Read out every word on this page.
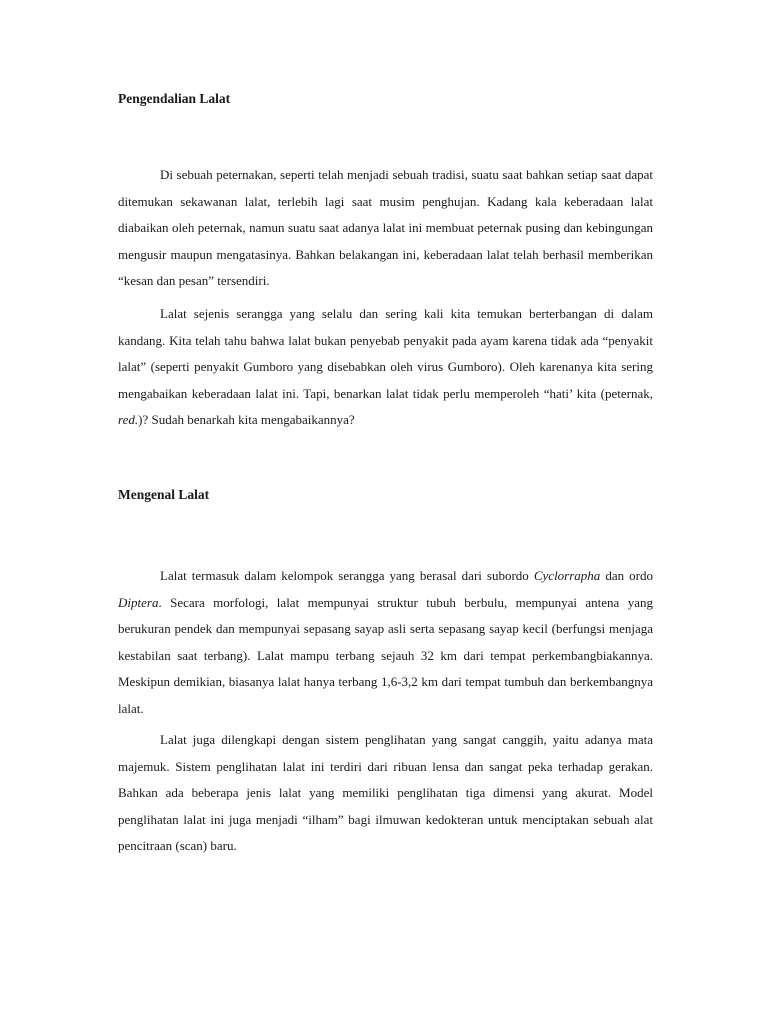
Pengendalian Lalat

Di sebuah peternakan, seperti telah menjadi sebuah tradisi, suatu saat bahkan setiap saat dapat ditemukan sekawanan lalat, terlebih lagi saat musim penghujan. Kadang kala keberadaan lalat diabaikan oleh peternak, namun suatu saat adanya lalat ini membuat peternak pusing dan kebingungan mengusir maupun mengatasinya. Bahkan belakangan ini, keberadaan lalat telah berhasil memberikan “kesan dan pesan” tersendiri.

Lalat sejenis serangga yang selalu dan sering kali kita temukan berterbangan di dalam kandang. Kita telah tahu bahwa lalat bukan penyebab penyakit pada ayam karena tidak ada “penyakit lalat” (seperti penyakit Gumboro yang disebabkan oleh virus Gumboro). Oleh karenanya kita sering mengabaikan keberadaan lalat ini. Tapi, benarkan lalat tidak perlu memperoleh “hati’ kita (peternak, red.)? Sudah benarkah kita mengabaikannya?

Mengenal Lalat

Lalat termasuk dalam kelompok serangga yang berasal dari subordo Cyclorrapha dan ordo Diptera. Secara morfologi, lalat mempunyai struktur tubuh berbulu, mempunyai antena yang berukuran pendek dan mempunyai sepasang sayap asli serta sepasang sayap kecil (berfungsi menjaga kestabilan saat terbang). Lalat mampu terbang sejauh 32 km dari tempat perkembangbiakannya. Meskipun demikian, biasanya lalat hanya terbang 1,6-3,2 km dari tempat tumbuh dan berkembangnya lalat.

Lalat juga dilengkapi dengan sistem penglihatan yang sangat canggih, yaitu adanya mata majemuk. Sistem penglihatan lalat ini terdiri dari ribuan lensa dan sangat peka terhadap gerakan. Bahkan ada beberapa jenis lalat yang memiliki penglihatan tiga dimensi yang akurat. Model penglihatan lalat ini juga menjadi “ilham” bagi ilmuwan kedokteran untuk menciptakan sebuah alat pencitraan (scan) baru.
